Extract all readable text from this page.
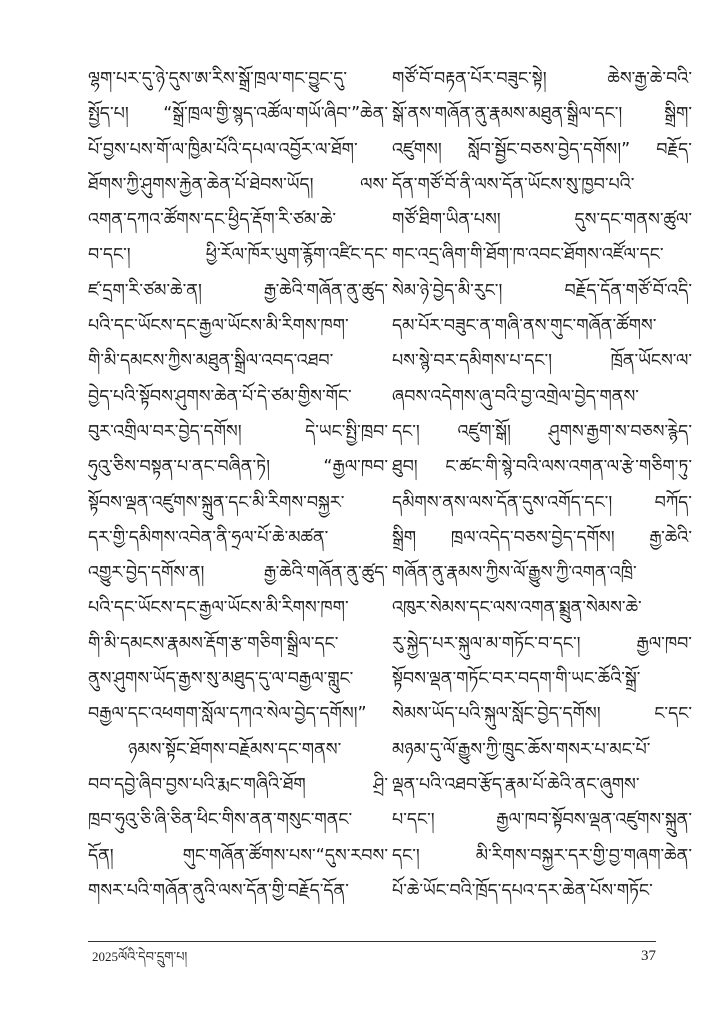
ལྷག་པར་དུ་ཉེ་དུས་ཨ་རིས་སྒྲོ་ཁྲལ་གང་བྱུང་དུ་
སྤྱོད་པ། “སྒྲོ་ཁྲལ་གྱི་སྙད་འཚོལ་གཡོ་ཞིབ་”ཆེན་
པོ་བྱས་པས་གོ་ལ་ཁྱིམ་པོའི་དཔལ་འབྱོར་ལ་ཐོག་
ཐོགས་ཀྱི་ཤུགས་རྐྱེན་ཆེན་པོ་ཐེབས་ཡོད། ལས་
འགན་དཀའ་ཚོགས་དང་ཕྱིད་རྡོག་རི་ཙམ་ཆེ་
བ་དང་། ཕྱི་རོལ་ཁོར་ཡུག་རྙོག་འཛིང་དང་
ཛ་དྲག་རི་ཙམ་ཆེ་ན། རྒྱ་ཆེའི་གཞོན་ནུ་ཚུད་
པའི་དང་ཡོངས་དང་རྒྱལ་ཡོངས་མི་རིགས་ཁག་
གི་མི་དམངས་ཀྱིས་མཐུན་སྒྲིལ་འབད་འཐབ་
བྱེད་པའི་སྟོབས་ཤུགས་ཆེན་པོ་དེ་ཙམ་གྱིས་གོང་
བུར་འགྲིལ་བར་བྱེད་དགོས། དེ་ཡང་སྤྱི་ཁྲབ་
ཧུའུ་ཅིས་བསྟན་པ་ནང་བཞིན་ཏེ། “རྒྱལ་ཁབ་
སྟོབས་ལྡན་འཛུགས་སྐྲུན་དང་མི་རིགས་བསྐྱར་
དར་གྱི་དམིགས་འབེན་ནི་ཧྲལ་པོ་ཆེ་མཚན་
འགྱུར་བྱེད་དགོས་ན། རྒྱ་ཆེའི་གཞོན་ནུ་ཚུད་
པའི་དང་ཡོངས་དང་རྒྱལ་ཡོངས་མི་རིགས་ཁག་
གི་མི་དམངས་རྣམས་རྡོག་རྩ་གཅིག་སྒྲིལ་དང་
ནུས་ཤུགས་ཡོད་རྒྱས་སུ་མཐུད་དུ་ལ་བརྒྱལ་གླུང་
བརྒྱལ་དང་འཕགག་སློལ་དཀའ་སེལ་བྱེད་དགོས།”
ཉམས་སྟོང་ཐོགས་བརྗོམས་དང་གནས་
བབ་དབྱེ་ཞིབ་བྱས་པའི་རྨང་གཞིའི་ཐོག ཤྲི་
ཁྲབ་ཧུའུ་ཅི་ཞི་ཅིན་ཕིང་གིས་ནན་གསུང་གནང་
དོན། གུང་གཞོན་ཚོགས་པས་“དུས་རབས་
གསར་པའི་གཞོན་ནུའི་ལས་དོན་གྱི་བརྗོད་དོན་
གཙོ་བོ་བརྟན་པོར་བཟུང་སྟེ། ཆེས་རྒྱ་ཆེ་བའི་
སྒོ་ནས་གཞོན་ནུ་རྣམས་མཐུན་སྒྲིལ་དང་། སྒྲིག་
འཛུགས། སློབ་སྦྱོང་བཅས་བྱེད་དགོས།” བརྗོད་
དོན་གཙོ་བོ་ནི་ལས་དོན་ཡོངས་སུ་ཁྱབ་པའི་
གཙོ་ཐིག་ཡིན་པས། དུས་དང་གནས་ཚུལ་
གང་འདྲ་ཞིག་གི་ཐོག་ཁ་འབང་ཐོགས་འཛོལ་དང་
སེམ་ཉེ་བྱེད་མི་རུང་། བརྗོད་དོན་གཙོ་བོ་འདི་
དམ་པོར་བཟུང་ན་གཞི་ནས་གུང་གཞོན་ཚོགས་
པས་སྙེ་བར་དམིགས་པ་དང་། ཁྲོན་ཡོངས་ལ་
ཞབས་འདེགས་ཞུ་བའི་བྱ་འགྲེལ་བྱེད་གནས་
དང་། འཛུག་སྒོ། ཤུགས་རྒྱག་ས་བཅས་རྙེད་
ཐུབ། ང་ཚང་གི་སྙེ་བའི་ལས་འགན་ལ་རྩེ་གཅིག་ཏུ་
དམིགས་ནས་ལས་དོན་དུས་འགོད་དང་། བཀོད་
སྒྲིག ཁྲལ་འདེད་བཅས་བྱེད་དགོས། རྒྱ་ཆེའི་
གཞོན་ནུ་རྣམས་ཀྱིས་ལོ་རྒྱུས་ཀྱི་འགན་འཁྲི་
འཁུར་སེམས་དང་ལས་འགན་སྨྲུན་སེམས་ཆེ་
རུ་སྐྱེད་པར་སྐུལ་མ་གཏོང་བ་དང་། རྒྱལ་ཁབ་
སྟོབས་ལྡན་གཏོང་བར་བདག་གི་ཡང་ཆོའི་སྒྲོ་
སེམས་ཡོད་པའི་སྐུལ་སློང་བྱེད་དགོས། ང་དང་
མཉམ་དུ་ལོ་རྒྱུས་ཀྱི་ཁྲུང་ཆོས་གསར་པ་མང་པོ་
ལྡན་པའི་འཐབ་རྩོད་རྣམ་པོ་ཆེའི་ནང་ཞུགས་
པ་དང་། རྒྱལ་ཁབ་སྟོབས་ལྡན་འཛུགས་སྐྲུན་
དང་། མི་རིགས་བསྐྱར་དར་གྱི་བྱ་གཞག་ཆེན་
པོ་ཆེ་ཡོང་བའི་ཁྲོད་དཔའ་དར་ཆེན་པོས་གཏོང་
2025ལོའི་དེབ་དྲུག་པ།	37
